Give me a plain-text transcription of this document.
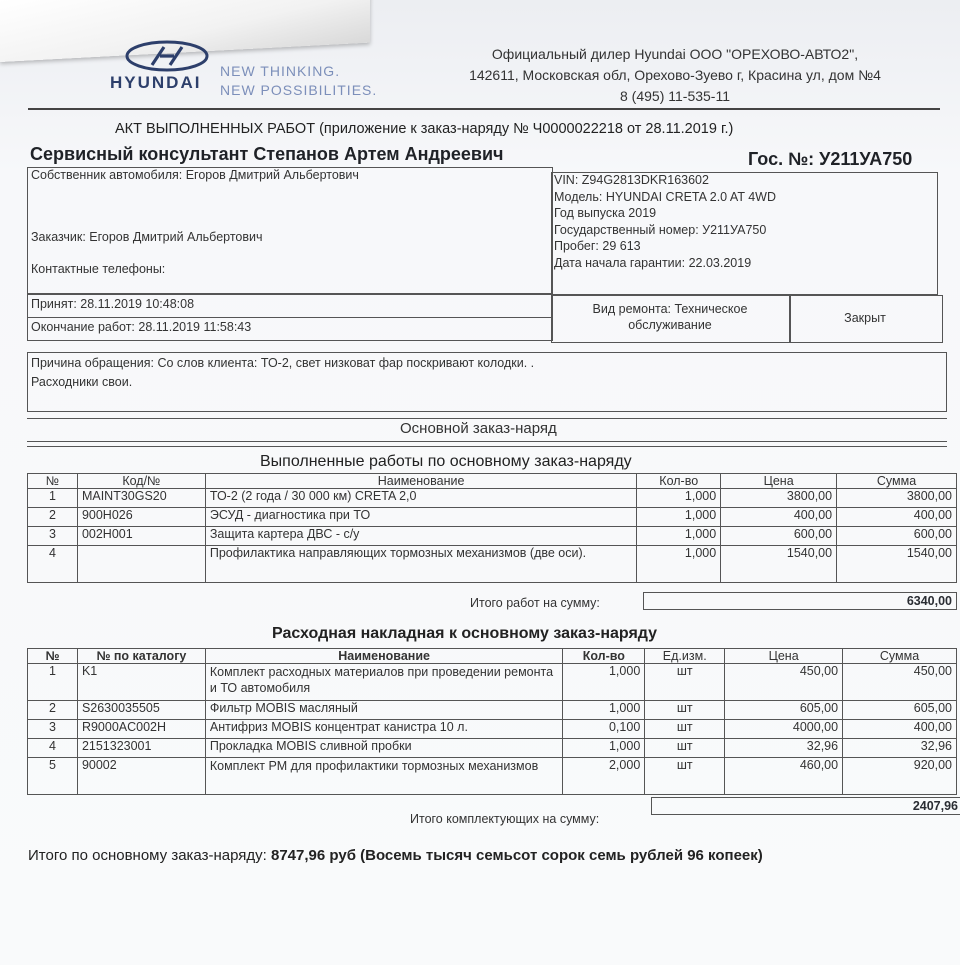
HYUNDAI
NEW THINKING.
NEW POSSIBILITIES.
Официальный дилер Hyundai ООО "ОРЕХОВО-АВТО2",
142611, Московская обл, Орехово-Зуево г, Красина ул, дом №4
8 (495) 11-535-11
АКТ ВЫПОЛНЕННЫХ РАБОТ (приложение к заказ-наряду № Ч0000022218 от 28.11.2019 г.)
Сервисный консультант Степанов Артем Андреевич	Гос. №: У211УА750
Собственник автомобиля: Егоров Дмитрий Альбертович
Заказчик: Егоров Дмитрий Альбертович
Контактные телефоны:
VIN: Z94G2813DKR163602
Модель: HYUNDAI CRETA 2.0 AT 4WD
Год выпуска 2019
Государственный номер: У211УА750
Пробег: 29 613
Дата начала гарантии: 22.03.2019
Принят: 28.11.2019 10:48:08
Окончание работ: 28.11.2019 11:58:43
Вид ремонта: Техническое
обслуживание	Закрыт
Причина обращения: Со слов клиента: ТО-2, свет низковат фар поскривают колодки. .
Расходники свои.
Основной заказ-наряд
Выполненные работы по основному заказ-наряду
№	Код/№	Наименование	Кол-во	Цена	Сумма
1	MAINT30GS20	ТО-2 (2 года / 30 000 км) CRETA 2,0	1,000	3800,00	3800,00
2	900H026	ЭСУД - диагностика при ТО	1,000	400,00	400,00
3	002H001	Защита картера ДВС - с/у	1,000	600,00	600,00
4		Профилактика направляющих тормозных механизмов (две оси).	1,000	1540,00	1540,00
Итого работ на сумму:	6340,00
Расходная накладная к основному заказ-наряду
№	№ по каталогу	Наименование	Кол-во	Ед.изм.	Цена	Сумма
1	K1	Комплект расходных материалов при проведении ремонта и ТО автомобиля	1,000	шт	450,00	450,00
2	S2630035505	Фильтр MOBIS масляный	1,000	шт	605,00	605,00
3	R9000AC002H	Антифриз MOBIS концентрат канистра 10 л.	0,100	шт	4000,00	400,00
4	2151323001	Прокладка MOBIS сливной пробки	1,000	шт	32,96	32,96
5	90002	Комплект РМ для профилактики тормозных механизмов	2,000	шт	460,00	920,00
Итого комплектующих на сумму:
2407,96
Итого по основному заказ-наряду: 8747,96 руб (Восемь тысяч семьсот сорок семь рублей 96 копеек)
